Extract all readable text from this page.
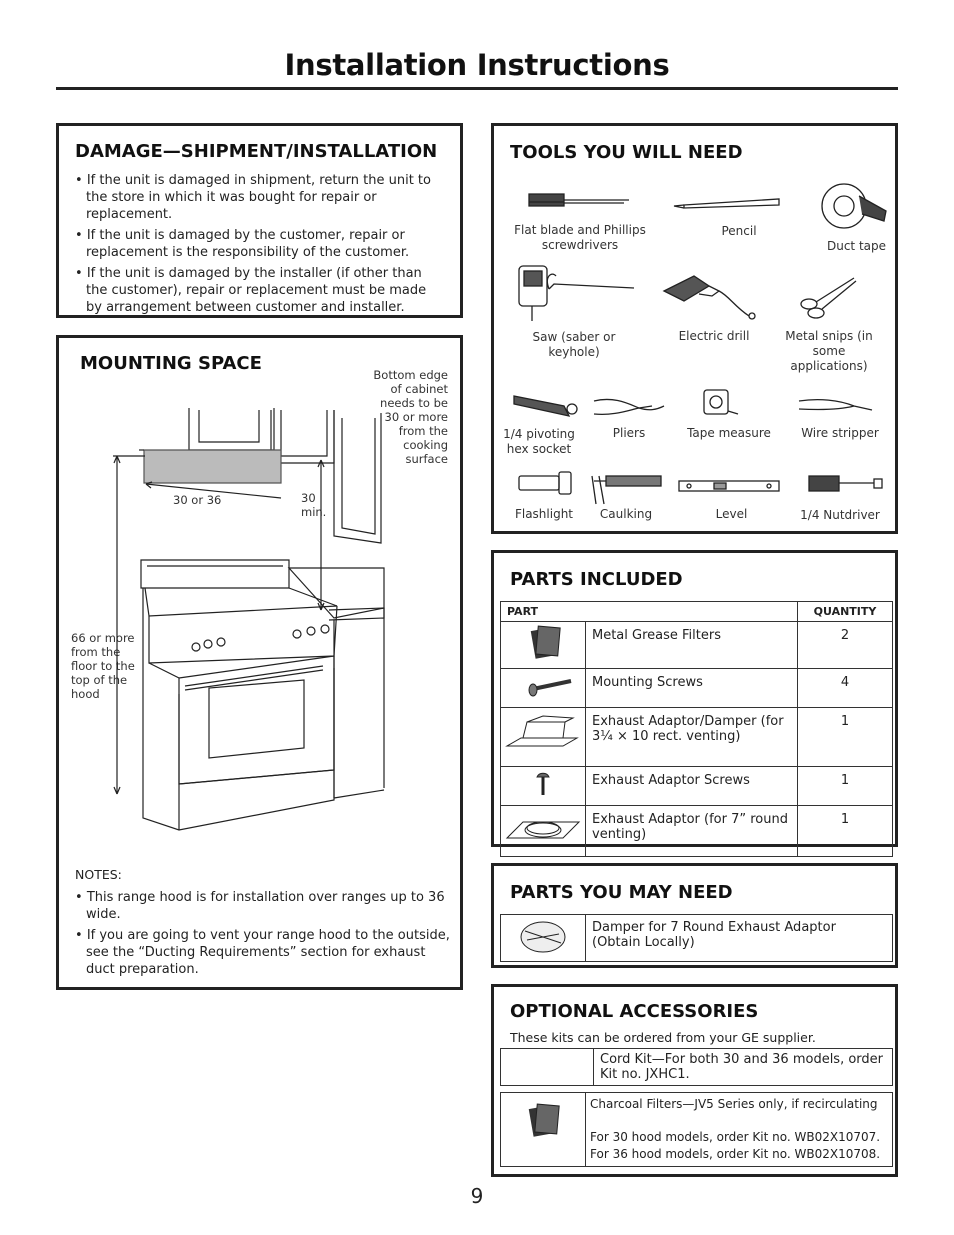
Installation Instructions
DAMAGE—SHIPMENT/INSTALLATION
• If the unit is damaged in shipment, return the unit to the store in which it was bought for repair or replacement.
• If the unit is damaged by the customer, repair or replacement is the responsibility of the customer.
• If the unit is damaged by the installer (if other than the customer), repair or replacement must be made by arrangement between customer and installer.
MOUNTING SPACE
Bottom edge of cabinet needs to be 30 or more from the cooking surface
30 or 36	30 min.
66 or more from the floor to the top of the hood
NOTES:
• This range hood is for installation over ranges up to 36 wide.
• If you are going to vent your range hood to the outside, see the “Ducting Requirements” section for exhaust duct preparation.
TOOLS YOU WILL NEED
Flat blade and Phillips screwdrivers
Pencil
Duct tape
Saw (saber or keyhole)
Electric drill	Metal snips (in some applications)
1/4 pivoting hex socket
Pliers	Tape measure	Wire stripper
Flashlight	Caulking	Level	1/4 Nutdriver
PARTS INCLUDED
PART		QUANTITY
	Metal Grease Filters	2
	Mounting Screws	4
	Exhaust Adaptor/Damper (for 3¼ × 10 rect. venting)	1
	Exhaust Adaptor Screws	1
	Exhaust Adaptor (for 7” round venting)	1
PARTS YOU MAY NEED
	Damper for 7 Round Exhaust Adaptor (Obtain Locally)
OPTIONAL ACCESSORIES
These kits can be ordered from your GE supplier.
	Cord Kit—For both 30 and 36 models, order Kit no. JXHC1.

Charcoal Filters—JV5 Series only, if recirculating
For 30 hood models, order Kit no. WB02X10707.
For 36 hood models, order Kit no. WB02X10708.
9
